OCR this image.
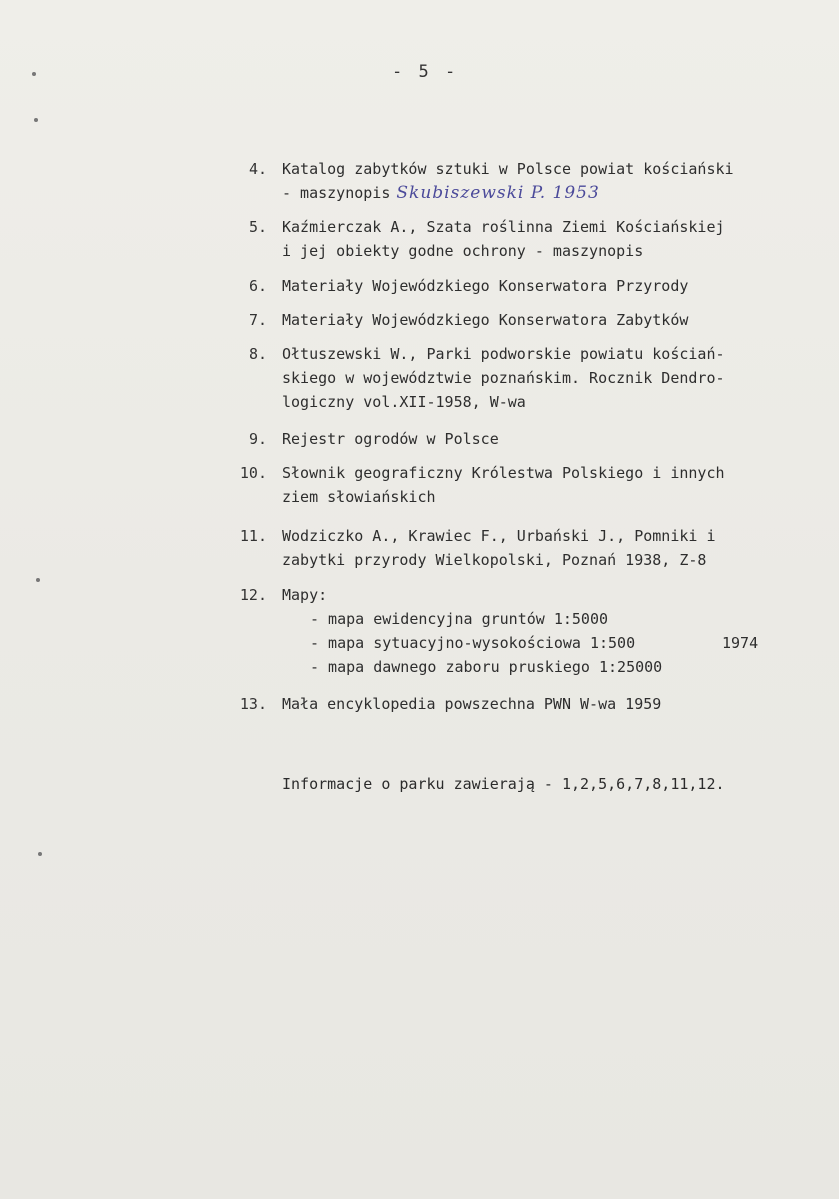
- 5 -
4. Katalog zabytków sztuki w Polsce powiat kościański
- maszynopis Skubiszewski P. 1953
5. Kaźmierczak A., Szata roślinna Ziemi Kościańskiej
i jej obiekty godne ochrony - maszynopis
6. Materiały Wojewódzkiego Konserwatora Przyrody
7. Materiały Wojewódzkiego Konserwatora Zabytków
8. Ołtuszewski W., Parki podworskie powiatu kościań-
skiego w województwie poznańskim. Rocznik Dendro-
logiczny vol.XII-1958, W-wa
9. Rejestr ogrodów w Polsce
10. Słownik geograficzny Królestwa Polskiego i innych
ziem słowiańskich
11. Wodziczko A., Krawiec F., Urbański J., Pomniki i
zabytki przyrody Wielkopolski, Poznań 1938, Z-8
12. Mapy:
- mapa ewidencyjna gruntów 1:5000
- mapa sytuacyjno-wysokościowa 1:500	1974
- mapa dawnego zaboru pruskiego 1:25000
13. Mała encyklopedia powszechna PWN W-wa 1959
Informacje o parku zawierają - 1,2,5,6,7,8,11,12.
